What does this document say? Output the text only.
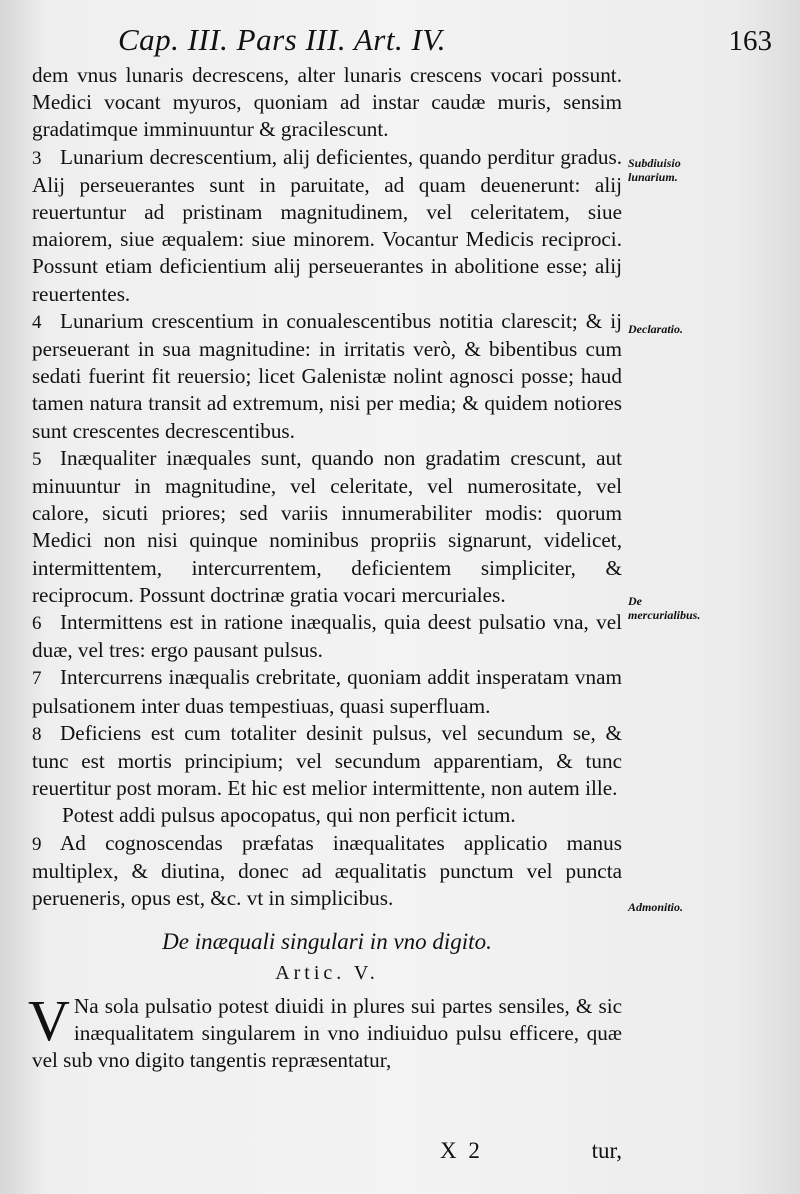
Cap. III. Pars III. Art. IV.	163
Subdiuisio lunarium.
Declaratio.
De mercurialibus.
Admonitio.

dem vnus lunaris decrescens, alter lunaris crescens vocari possunt. Medici vocant myuros, quoniam ad instar caudæ muris, sensim gradatimque imminuuntur & gracilescunt.

3 Lunarium decrescentium, alij deficientes, quando perditur gradus. Alij perseuerantes sunt in paruitate, ad quam deuenerunt: alij reuertuntur ad pristinam magnitudinem, vel celeritatem, siue maiorem, siue æqualem: siue minorem. Vocantur Medicis reciproci. Possunt etiam deficientium alij perseuerantes in abolitione esse; alij reuertentes.

4 Lunarium crescentium in conualescentibus notitia clarescit; & ij perseuerant in sua magnitudine: in irritatis verò, & bibentibus cum sedati fuerint fit reuersio; licet Galenistæ nolint agnosci posse; haud tamen natura transit ad extremum, nisi per media; & quidem notiores sunt crescentes decrescentibus.

5 Inæqualiter inæquales sunt, quando non gradatim crescunt, aut minuuntur in magnitudine, vel celeritate, vel numerositate, vel calore, sicuti priores; sed variis innumerabiliter modis: quorum Medici non nisi quinque nominibus propriis signarunt, videlicet, intermittentem, intercurrentem, deficientem simpliciter, & reciprocum. Possunt doctrinæ gratia vocari mercuriales.

6 Intermittens est in ratione inæqualis, quia deest pulsatio vna, vel duæ, vel tres: ergo pausant pulsus.

7 Intercurrens inæqualis crebritate, quoniam addit insperatam vnam pulsationem inter duas tempestiuas, quasi superfluam.

8 Deficiens est cum totaliter desinit pulsus, vel secundum se, & tunc est mortis principium; vel secundum apparentiam, & tunc reuertitur post moram. Et hic est melior intermittente, non autem ille.

Potest addi pulsus apocopatus, qui non perficit ictum.

9 Ad cognoscendas præfatas inæqualitates applicatio manus multiplex, & diutina, donec ad æqualitatis punctum vel puncta perueneris, opus est, &c. vt in simplicibus.

De inæquali singulari in vno digito.

Artic. V.

V Na sola pulsatio potest diuidi in plures sui partes sensiles, & sic inæqualitatem singularem in vno indiuiduo pulsu efficere, quæ vel sub vno digito tangentis repræsentatur,

X 2	tur,
